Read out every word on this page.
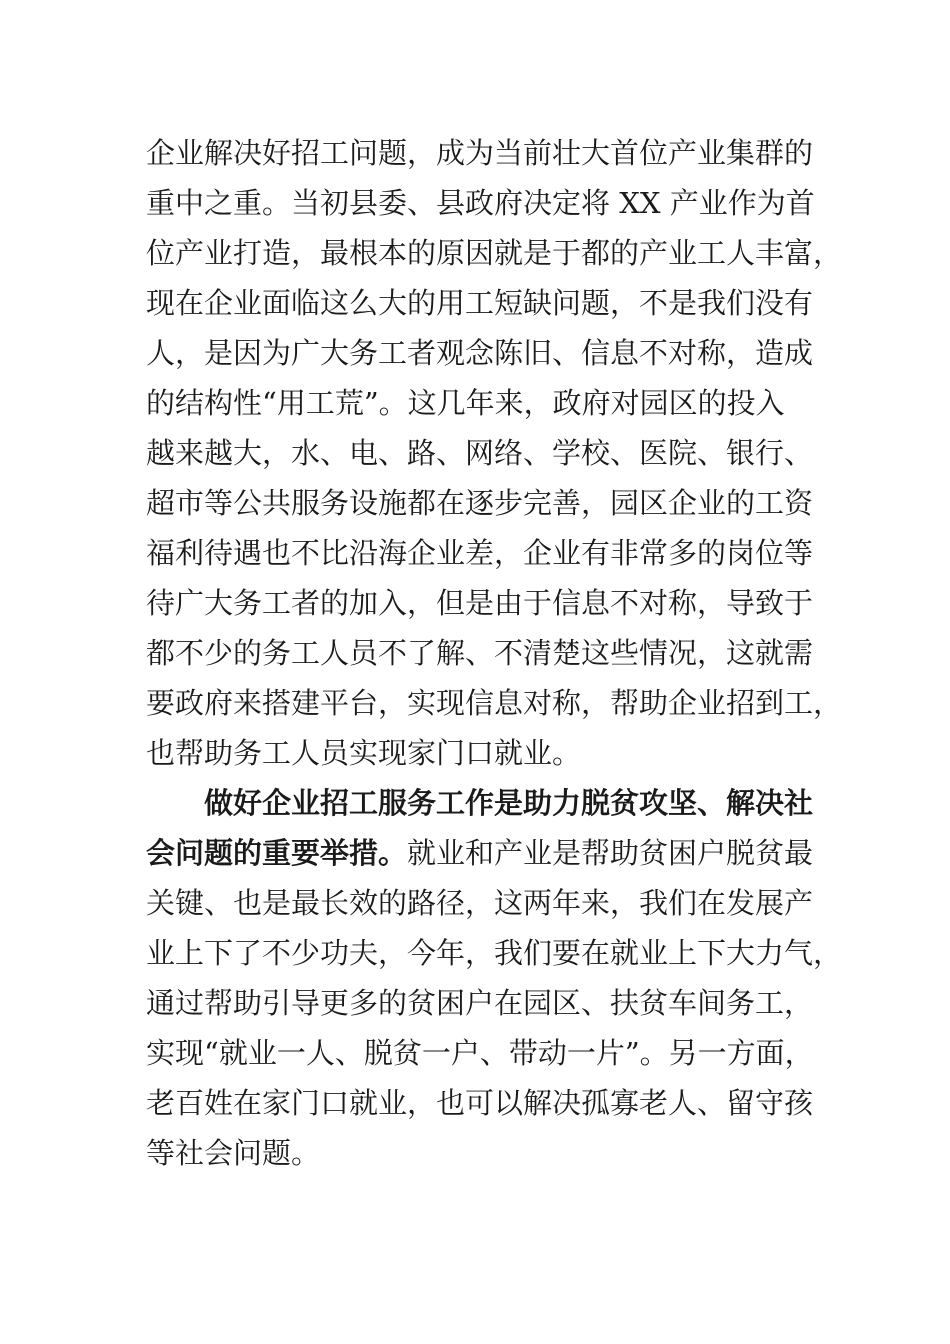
企业解决好招工问题，成为当前壮大首位产业集群的
重中之重。当初县委、县政府决定将 XX 产业作为首
位产业打造，最根本的原因就是于都的产业工人丰富，
现在企业面临这么大的用工短缺问题，不是我们没有
人，是因为广大务工者观念陈旧、信息不对称，造成
的结构性“用工荒”。这几年来，政府对园区的投入
越来越大，水、电、路、网络、学校、医院、银行、
超市等公共服务设施都在逐步完善，园区企业的工资
福利待遇也不比沿海企业差，企业有非常多的岗位等
待广大务工者的加入，但是由于信息不对称，导致于
都不少的务工人员不了解、不清楚这些情况，这就需
要政府来搭建平台，实现信息对称，帮助企业招到工，
也帮助务工人员实现家门口就业。
做好企业招工服务工作是助力脱贫攻坚、解决社
会问题的重要举措。就业和产业是帮助贫困户脱贫最
关键、也是最长效的路径，这两年来，我们在发展产
业上下了不少功夫，今年，我们要在就业上下大力气，
通过帮助引导更多的贫困户在园区、扶贫车间务工，
实现“就业一人、脱贫一户、带动一片”。另一方面，
老百姓在家门口就业，也可以解决孤寡老人、留守孩
等社会问题。
